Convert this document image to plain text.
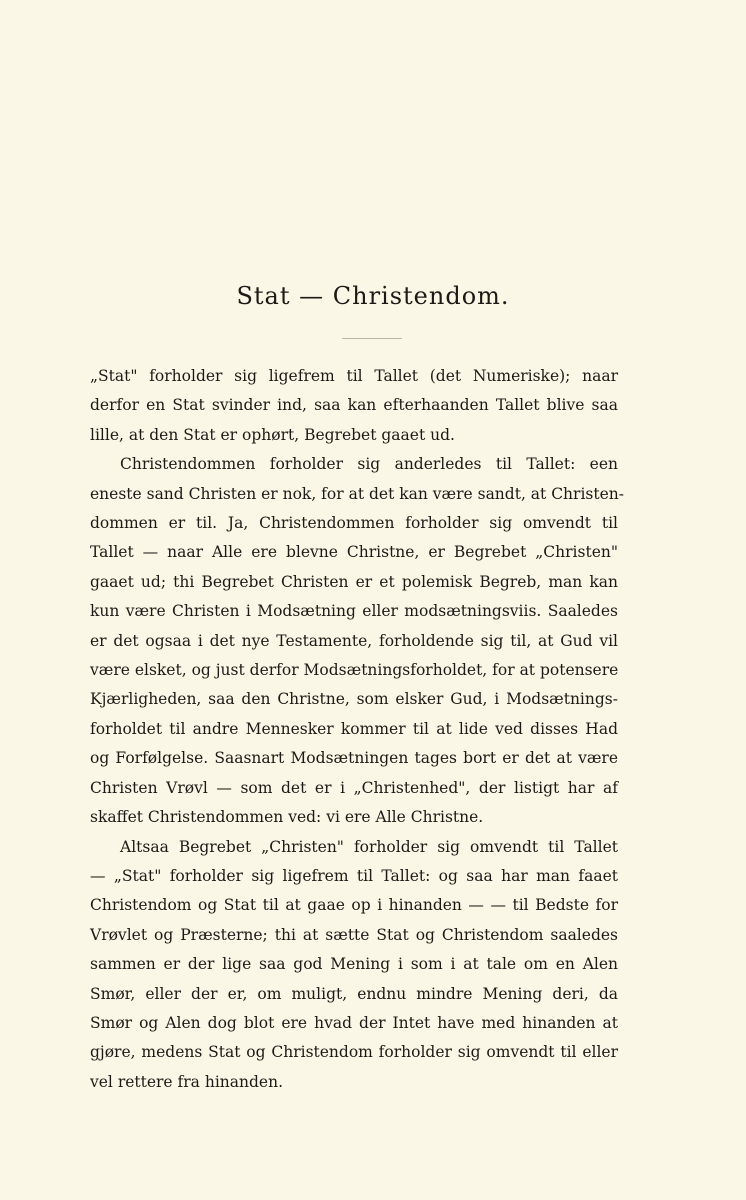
Stat — Christendom.
„Stat" forholder sig ligefrem til Tallet (det Numeriske); naar
derfor en Stat svinder ind, saa kan efterhaanden Tallet blive saa
lille, at den Stat er ophørt, Begrebet gaaet ud.
Christendommen forholder sig anderledes til Tallet: een
eneste sand Christen er nok, for at det kan være sandt, at Christen-
dommen er til. Ja, Christendommen forholder sig omvendt til
Tallet — naar Alle ere blevne Christne, er Begrebet „Christen"
gaaet ud; thi Begrebet Christen er et polemisk Begreb, man kan
kun være Christen i Modsætning eller modsætningsviis. Saaledes
er det ogsaa i det nye Testamente, forholdende sig til, at Gud vil
være elsket, og just derfor Modsætningsforholdet, for at potensere
Kjærligheden, saa den Christne, som elsker Gud, i Modsætnings-
forholdet til andre Mennesker kommer til at lide ved disses Had
og Forfølgelse. Saasnart Modsætningen tages bort er det at være
Christen Vrøvl — som det er i „Christenhed", der listigt har af
skaffet Christendommen ved: vi ere Alle Christne.
Altsaa Begrebet „Christen" forholder sig omvendt til Tallet
— „Stat" forholder sig ligefrem til Tallet: og saa har man faaet
Christendom og Stat til at gaae op i hinanden — — til Bedste for
Vrøvlet og Præsterne; thi at sætte Stat og Christendom saaledes
sammen er der lige saa god Mening i som i at tale om en Alen
Smør, eller der er, om muligt, endnu mindre Mening deri, da
Smør og Alen dog blot ere hvad der Intet have med hinanden at
gjøre, medens Stat og Christendom forholder sig omvendt til eller
vel rettere fra hinanden.
